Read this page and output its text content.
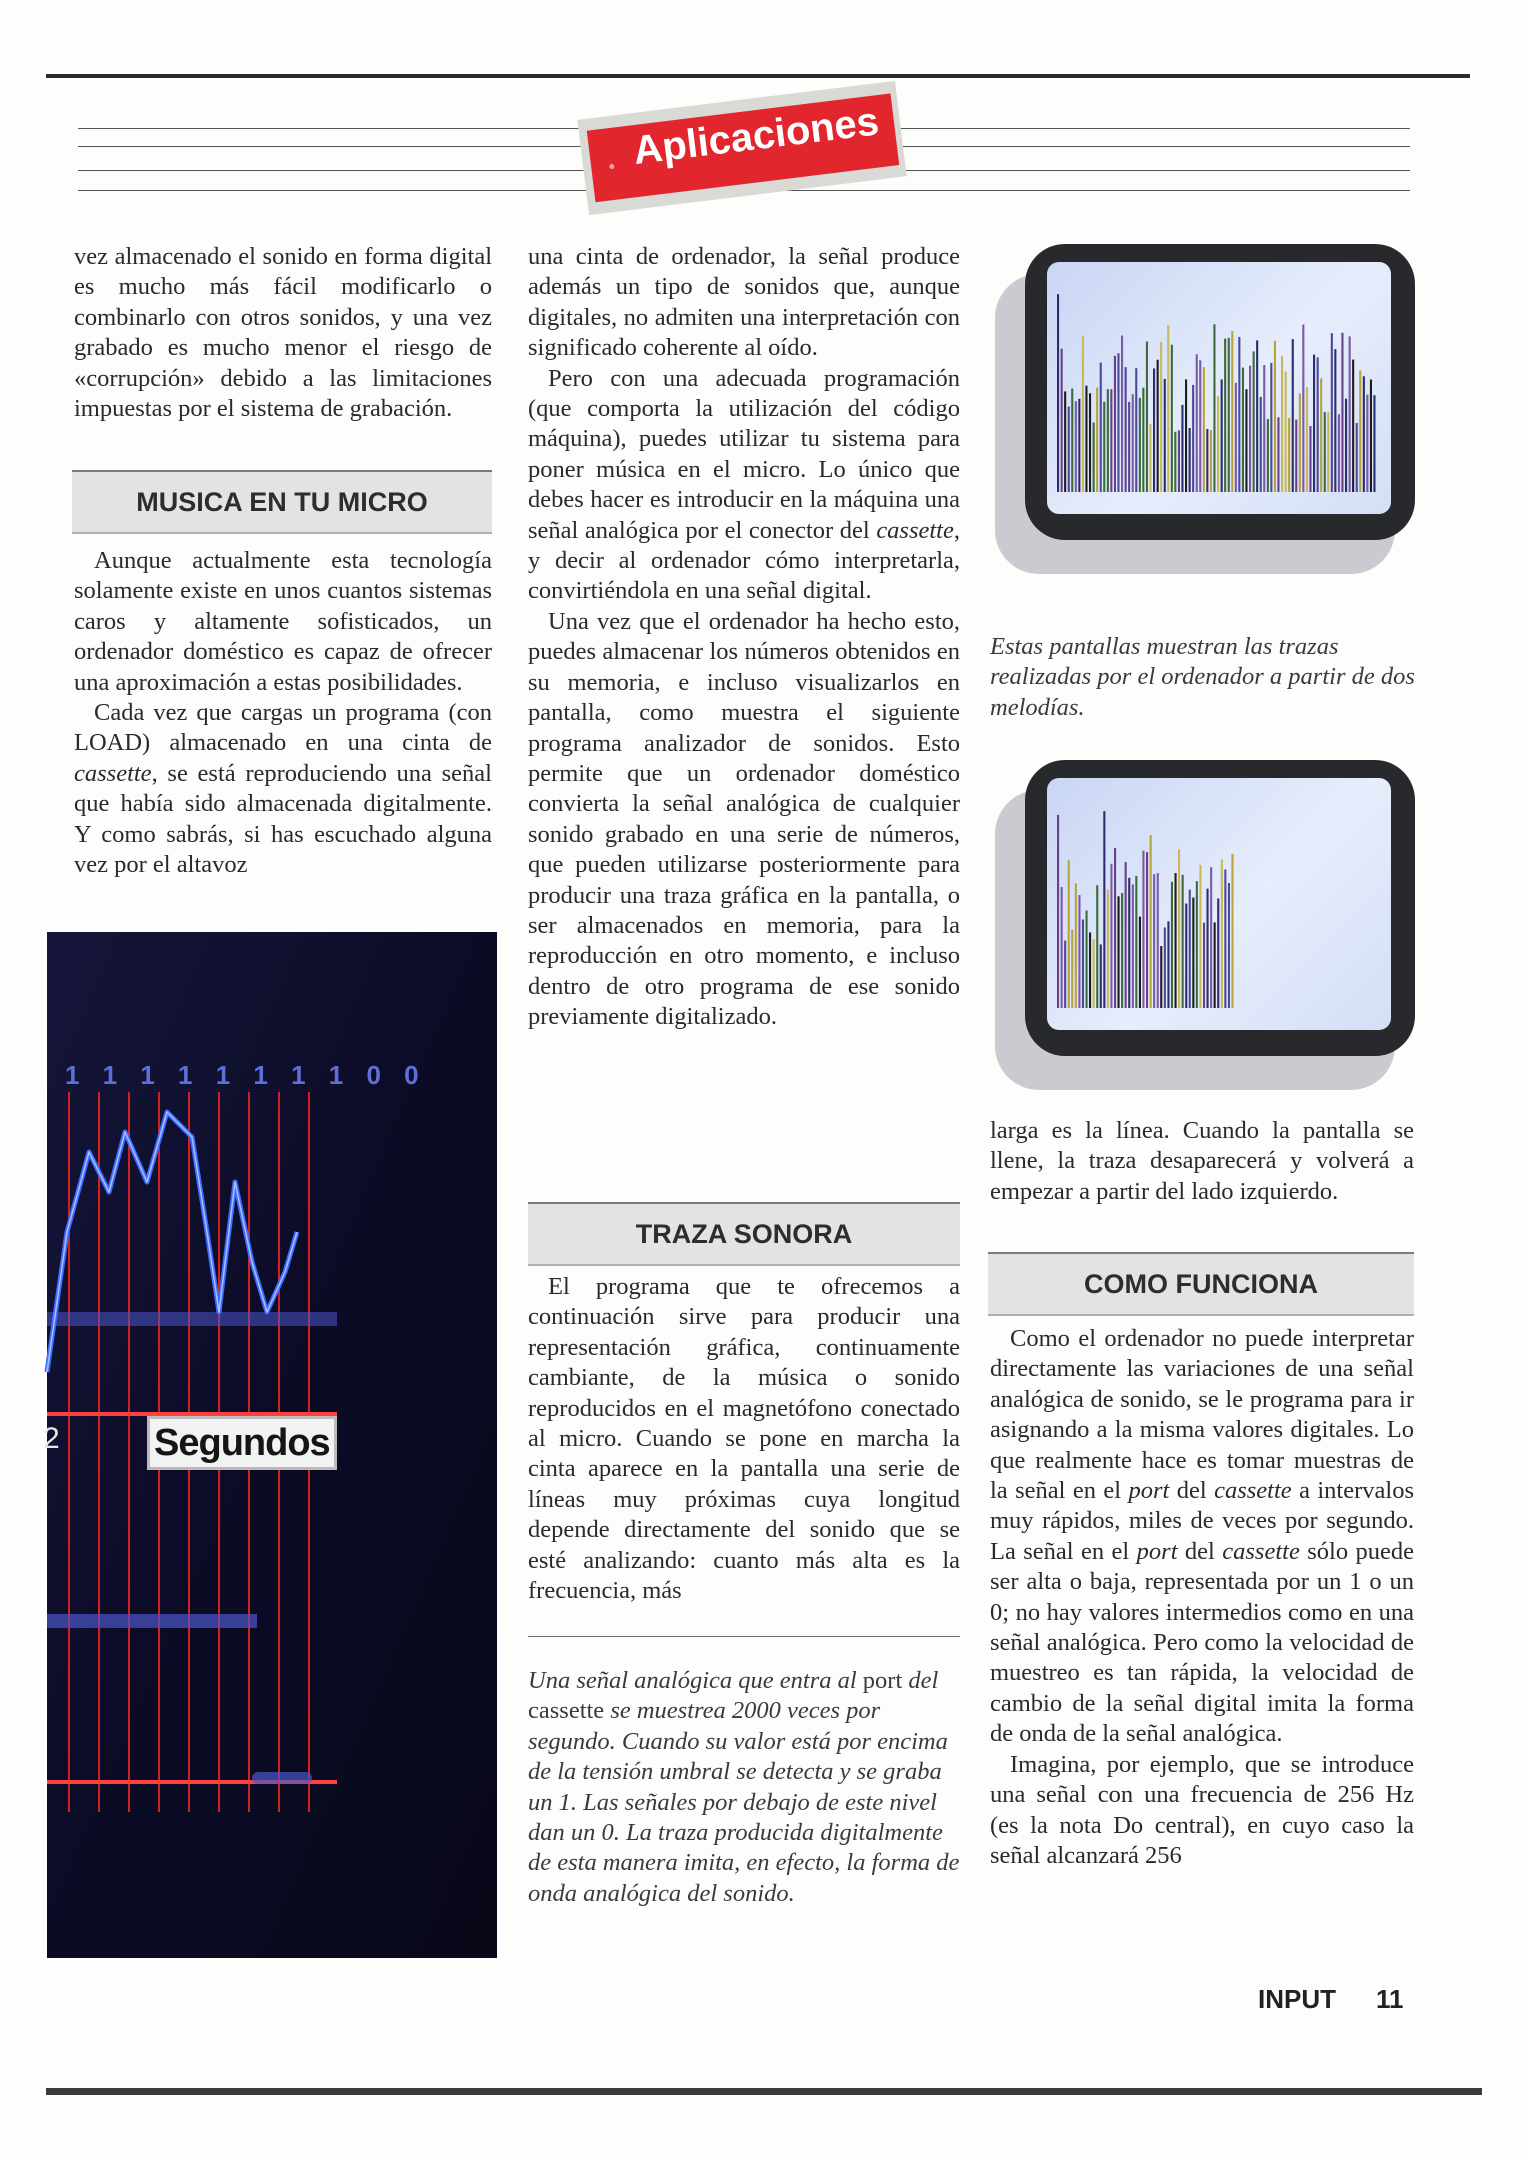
Aplicaciones

vez almacenado el sonido en forma digital es mucho más fácil modificarlo o combinarlo con otros sonidos, y una vez grabado es mucho menor el riesgo de «corrupción» debido a las limitaciones impuestas por el sistema de grabación.

MUSICA EN TU MICRO

Aunque actualmente esta tecnología solamente existe en unos cuantos sistemas caros y altamente sofisticados, un ordenador doméstico es capaz de ofrecer una aproximación a estas posibilidades.

Cada vez que cargas un programa (con LOAD) almacenado en una cinta de cassette, se está reproduciendo una señal que había sido almacenada digitalmente. Y como sabrás, si has escuchado alguna vez por el altavoz

1 1 1 1 1 1 1 1 0 0
2 Segundos

una cinta de ordenador, la señal produce además un tipo de sonidos que, aunque digitales, no admiten una interpretación con significado coherente al oído.

Pero con una adecuada programación (que comporta la utilización del código máquina), puedes utilizar tu sistema para poner música en el micro. Lo único que debes hacer es introducir en la máquina una señal analógica por el conector del cassette, y decir al ordenador cómo interpretarla, convirtiéndola en una señal digital.

Una vez que el ordenador ha hecho esto, puedes almacenar los números obtenidos en su memoria, e incluso visualizarlos en pantalla, como muestra el siguiente programa analizador de sonidos. Esto permite que un ordenador doméstico convierta la señal analógica de cualquier sonido grabado en una serie de números, que pueden utilizarse posteriormente para producir una traza gráfica en la pantalla, o ser almacenados en memoria, para la reproducción en otro momento, e incluso dentro de otro programa de ese sonido previamente digitalizado.

TRAZA SONORA

El programa que te ofrecemos a continuación sirve para producir una representación gráfica, continuamente cambiante, de la música o sonido reproducidos en el magnetófono conectado al micro. Cuando se pone en marcha la cinta aparece en la pantalla una serie de líneas muy próximas cuya longitud depende directamente del sonido que se esté analizando: cuanto más alta es la frecuencia, más

Una señal analógica que entra al port del cassette se muestrea 2000 veces por segundo. Cuando su valor está por encima de la tensión umbral se detecta y se graba un 1. Las señales por debajo de este nivel dan un 0. La traza producida digitalmente de esta manera imita, en efecto, la forma de onda analógica del sonido.
Estas pantallas muestran las trazas realizadas por el ordenador a partir de dos melodías.

larga es la línea. Cuando la pantalla se llene, la traza desaparecerá y volverá a empezar a partir del lado izquierdo.

COMO FUNCIONA

Como el ordenador no puede interpretar directamente las variaciones de una señal analógica de sonido, se le programa para ir asignando a la misma valores digitales. Lo que realmente hace es tomar muestras de la señal en el port del cassette a intervalos muy rápidos, miles de veces por segundo. La señal en el port del cassette sólo puede ser alta o baja, representada por un 1 o un 0; no hay valores intermedios como en una señal analógica. Pero como la velocidad de muestreo es tan rápida, la velocidad de cambio de la señal digital imita la forma de onda de la señal analógica.

Imagina, por ejemplo, que se introduce una señal con una frecuencia de 256 Hz (es la nota Do central), en cuyo caso la señal alcanzará 256

INPUT 11
